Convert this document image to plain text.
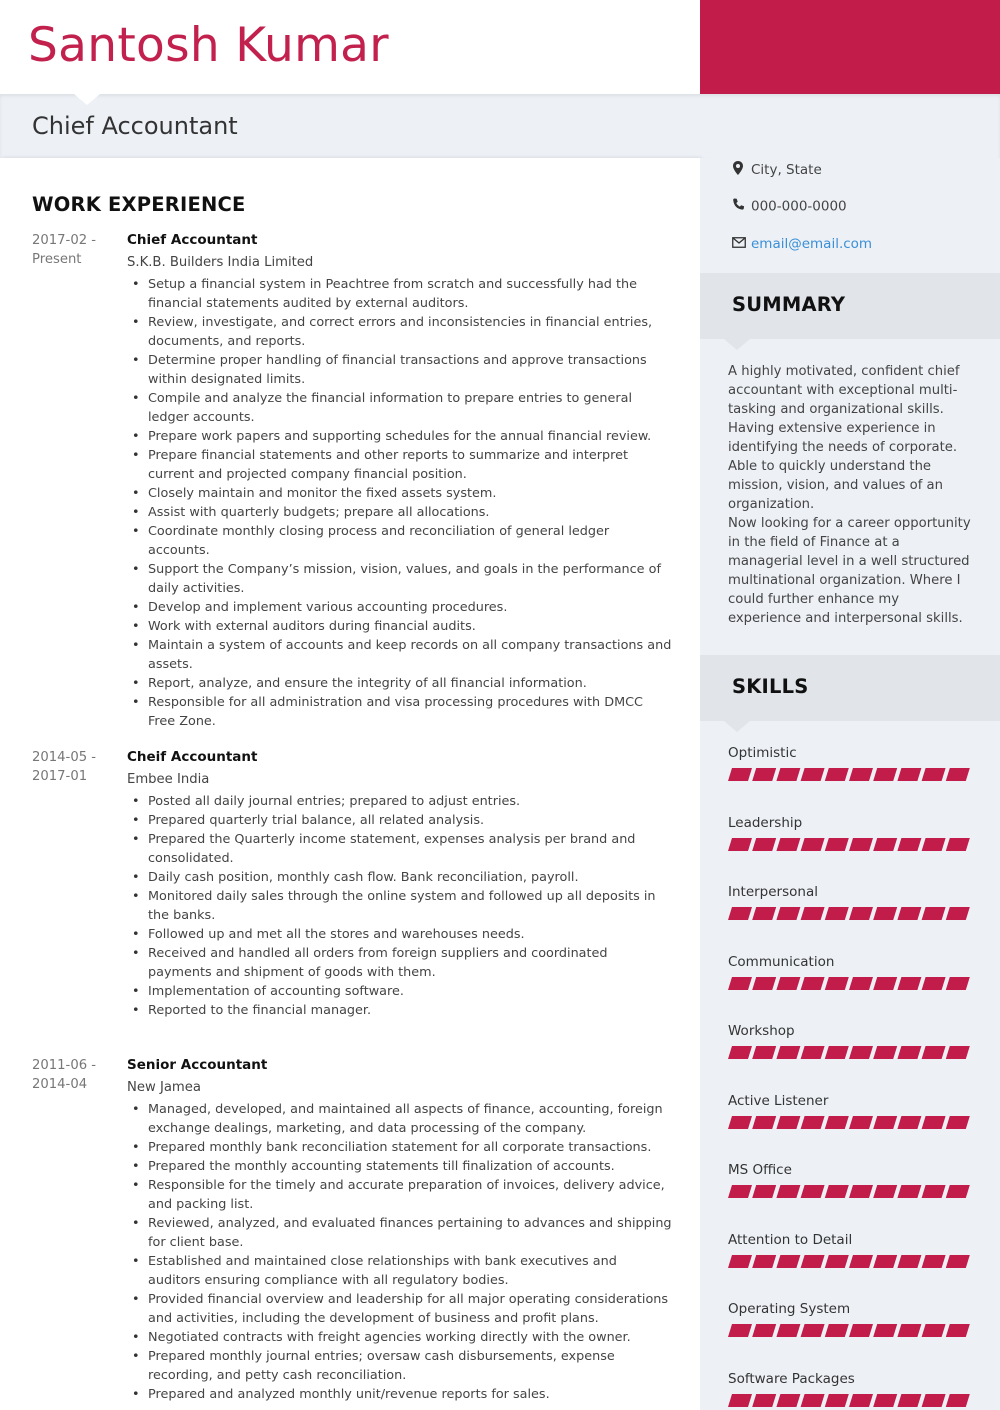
Santosh Kumar
Chief Accountant
WORK EXPERIENCE
2017-02 - Present
Chief Accountant
S.K.B. Builders India Limited
• Setup a financial system in Peachtree from scratch and successfully had the financial statements audited by external auditors.
• Review, investigate, and correct errors and inconsistencies in financial entries, documents, and reports.
• Determine proper handling of financial transactions and approve transactions within designated limits.
• Compile and analyze the financial information to prepare entries to general ledger accounts.
• Prepare work papers and supporting schedules for the annual financial review.
• Prepare financial statements and other reports to summarize and interpret current and projected company financial position.
• Closely maintain and monitor the fixed assets system.
• Assist with quarterly budgets; prepare all allocations.
• Coordinate monthly closing process and reconciliation of general ledger accounts.
• Support the Company’s mission, vision, values, and goals in the performance of daily activities.
• Develop and implement various accounting procedures.
• Work with external auditors during financial audits.
• Maintain a system of accounts and keep records on all company transactions and assets.
• Report, analyze, and ensure the integrity of all financial information.
• Responsible for all administration and visa processing procedures with DMCC Free Zone.
2014-05 - 2017-01
Cheif Accountant
Embee India
• Posted all daily journal entries; prepared to adjust entries.
• Prepared quarterly trial balance, all related analysis.
• Prepared the Quarterly income statement, expenses analysis per brand and consolidated.
• Daily cash position, monthly cash flow. Bank reconciliation, payroll.
• Monitored daily sales through the online system and followed up all deposits in the banks.
• Followed up and met all the stores and warehouses needs.
• Received and handled all orders from foreign suppliers and coordinated payments and shipment of goods with them.
• Implementation of accounting software.
• Reported to the financial manager.
2011-06 - 2014-04
Senior Accountant
New Jamea
• Managed, developed, and maintained all aspects of finance, accounting, foreign exchange dealings, marketing, and data processing of the company.
• Prepared monthly bank reconciliation statement for all corporate transactions.
• Prepared the monthly accounting statements till finalization of accounts.
• Responsible for the timely and accurate preparation of invoices, delivery advice, and packing list.
• Reviewed, analyzed, and evaluated finances pertaining to advances and shipping for client base.
• Established and maintained close relationships with bank executives and auditors ensuring compliance with all regulatory bodies.
• Provided financial overview and leadership for all major operating considerations and activities, including the development of business and profit plans.
• Negotiated contracts with freight agencies working directly with the owner.
• Prepared monthly journal entries; oversaw cash disbursements, expense recording, and petty cash reconciliation.
• Prepared and analyzed monthly unit/revenue reports for sales.
City, State
000-000-0000
email@email.com
SUMMARY

A highly motivated, confident chief accountant with exceptional multi-tasking and organizational skills. Having extensive experience in identifying the needs of corporate. Able to quickly understand the mission, vision, and values of an organization.

Now looking for a career opportunity in the field of Finance at a managerial level in a well structured multinational organization. Where I could further enhance my experience and interpersonal skills.

SKILLS
Optimistic
Leadership
Interpersonal
Communication
Workshop
Active Listener
MS Office
Attention to Detail
Operating System
Software Packages
